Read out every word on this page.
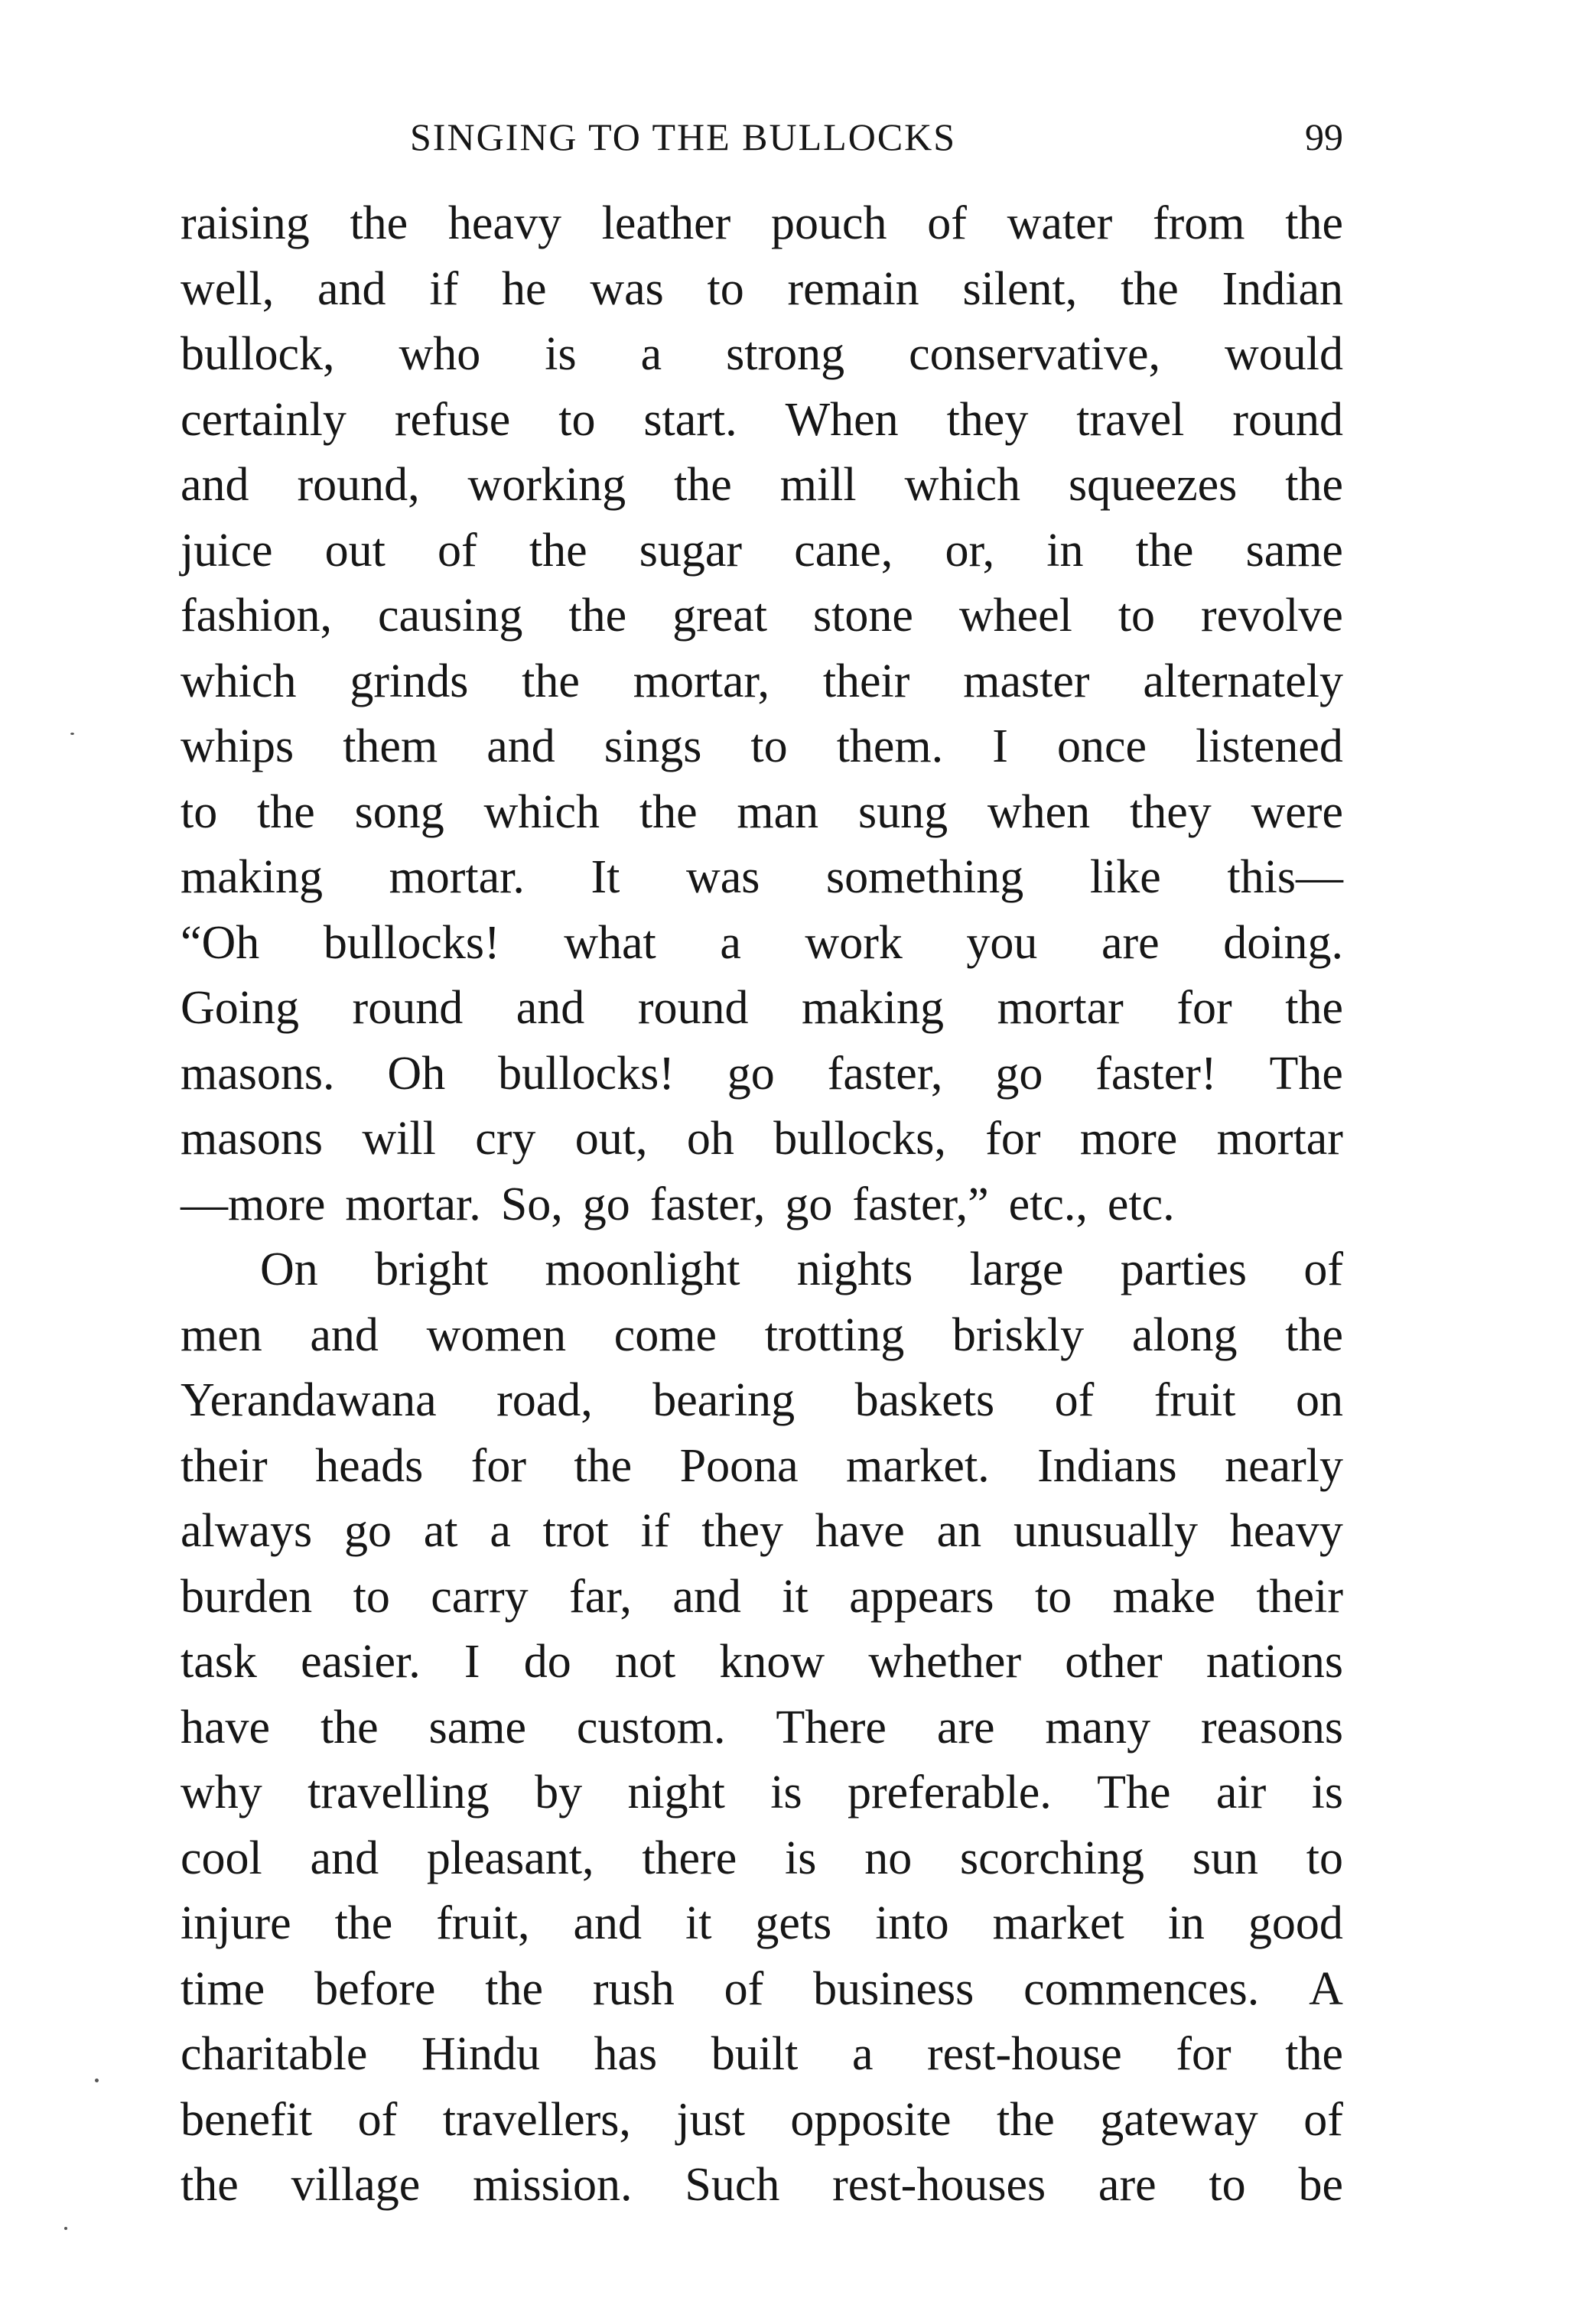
SINGING TO THE BULLOCKS	99
raising the heavy leather pouch of water from the
well, and if he was to remain silent, the Indian
bullock, who is a strong conservative, would
certainly refuse to start. When they travel round
and round, working the mill which squeezes the
juice out of the sugar cane, or, in the same
fashion, causing the great stone wheel to revolve
which grinds the mortar, their master alternately
whips them and sings to them. I once listened
to the song which the man sung when they were
making mortar. It was something like this—
“Oh bullocks! what a work you are doing.
Going round and round making mortar for the
masons. Oh bullocks! go faster, go faster! The
masons will cry out, oh bullocks, for more mortar
—more mortar. So, go faster, go faster,” etc., etc.
On bright moonlight nights large parties of
men and women come trotting briskly along the
Yerandawana road, bearing baskets of fruit on
their heads for the Poona market. Indians nearly
always go at a trot if they have an unusually heavy
burden to carry far, and it appears to make their
task easier. I do not know whether other nations
have the same custom. There are many reasons
why travelling by night is preferable. The air is
cool and pleasant, there is no scorching sun to
injure the fruit, and it gets into market in good
time before the rush of business commences. A
charitable Hindu has built a rest-house for the
benefit of travellers, just opposite the gateway of
the village mission. Such rest-houses are to be
